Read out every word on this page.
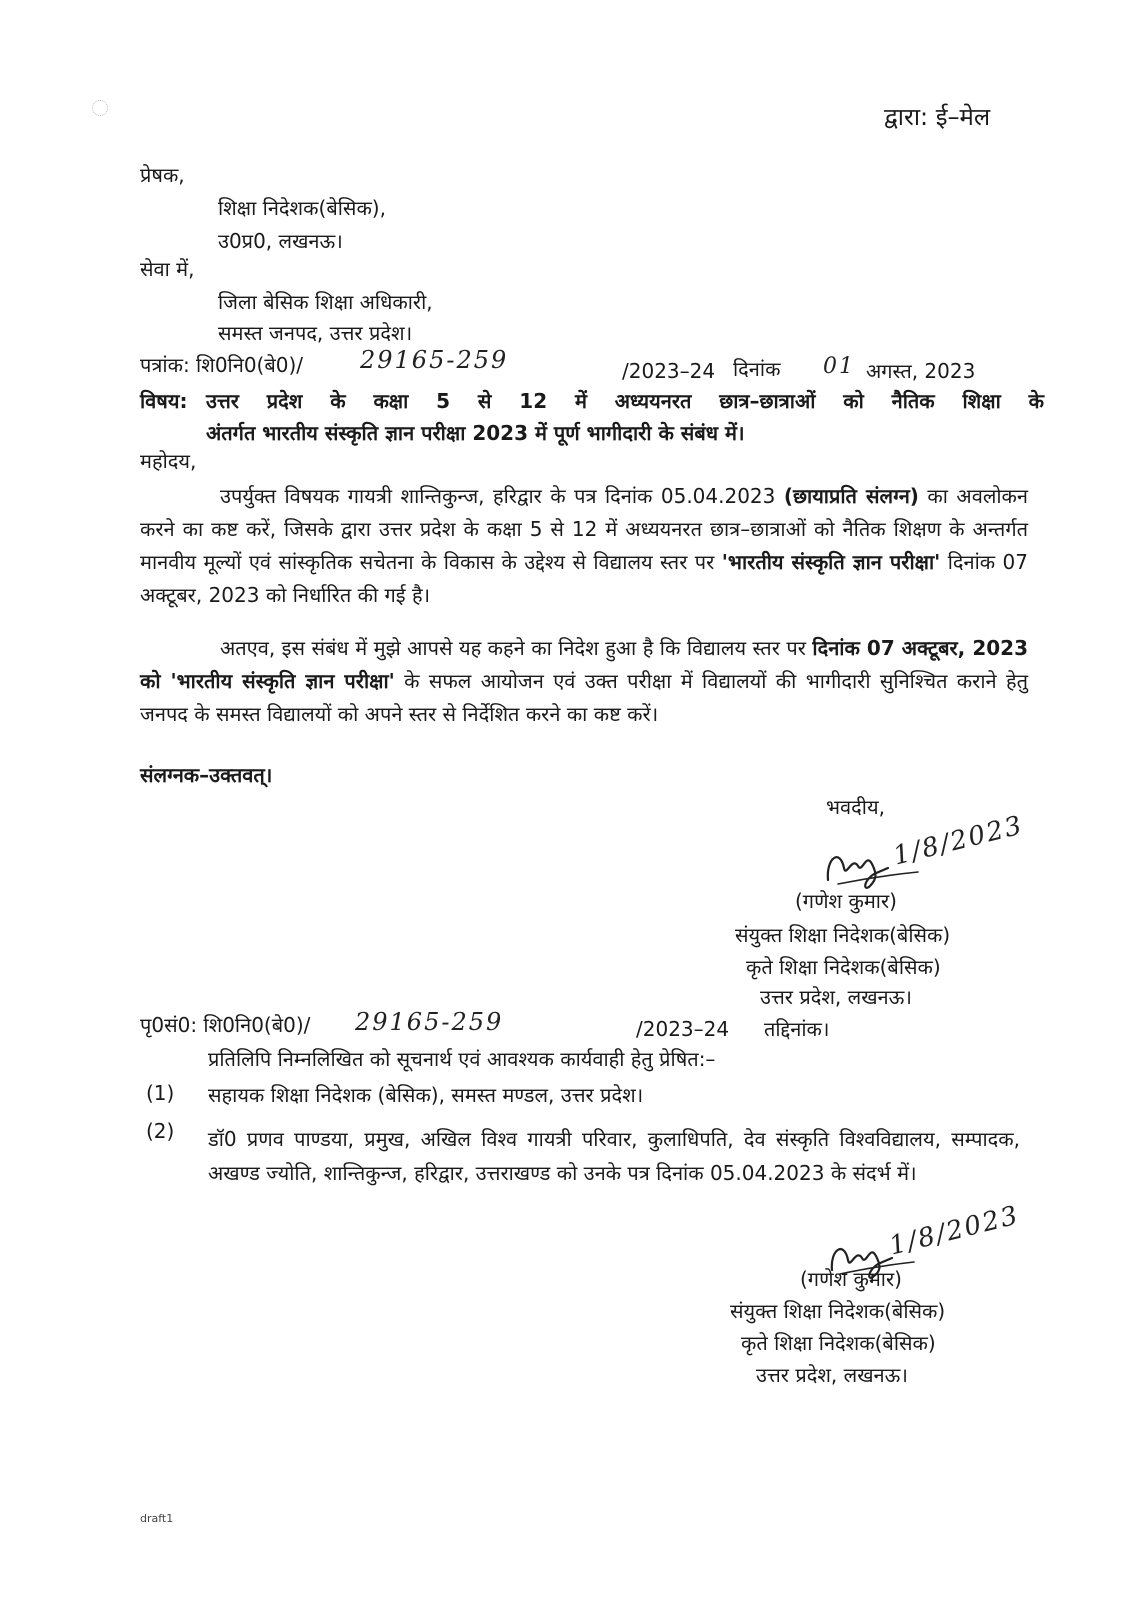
द्वारा: ई–मेल
प्रेषक,
शिक्षा निदेशक(बेसिक),
उ0प्र0, लखनऊ।
सेवा में,
जिला बेसिक शिक्षा अधिकारी,
समस्त जनपद, उत्तर प्रदेश।
पत्रांक: शि0नि0(बे0)/ 29165-259	/2023–24 दिनांक 01 अगस्त, 2023
विषय: उत्तर प्रदेश के कक्षा 5 से 12 में अध्ययनरत छात्र–छात्राओं को नैतिक शिक्षा के
अंतर्गत भारतीय संस्कृति ज्ञान परीक्षा 2023 में पूर्ण भागीदारी के संबंध में।
महोदय,
उपर्युक्त विषयक गायत्री शान्तिकुन्ज, हरिद्वार के पत्र दिनांक 05.04.2023 (छायाप्रति संलग्न) का अवलोकन करने का कष्ट करें, जिसके द्वारा उत्तर प्रदेश के कक्षा 5 से 12 में अध्ययनरत छात्र–छात्राओं को नैतिक शिक्षण के अन्तर्गत मानवीय मूल्यों एवं सांस्कृतिक सचेतना के विकास के उद्देश्य से विद्यालय स्तर पर 'भारतीय संस्कृति ज्ञान परीक्षा' दिनांक 07 अक्टूबर, 2023 को निर्धारित की गई है।
अतएव, इस संबंध में मुझे आपसे यह कहने का निदेश हुआ है कि विद्यालय स्तर पर दिनांक 07 अक्टूबर, 2023 को 'भारतीय संस्कृति ज्ञान परीक्षा' के सफल आयोजन एवं उक्त परीक्षा में विद्यालयों की भागीदारी सुनिश्चित कराने हेतु जनपद के समस्त विद्यालयों को अपने स्तर से निर्देशित करने का कष्ट करें।
संलग्नक–उक्तवत्।
भवदीय,
1/8/2023
(गणेश कुमार)
संयुक्त शिक्षा निदेशक(बेसिक)
कृते शिक्षा निदेशक(बेसिक)
उत्तर प्रदेश, लखनऊ।
पृ0सं0: शि0नि0(बे0)/ 29165-259	/2023–24 तद्दिनांक।
प्रतिलिपि निम्नलिखित को सूचनार्थ एवं आवश्यक कार्यवाही हेतु प्रेषित:–
(1) सहायक शिक्षा निदेशक (बेसिक), समस्त मण्डल, उत्तर प्रदेश।
(2) डॉ0 प्रणव पाण्डया, प्रमुख, अखिल विश्व गायत्री परिवार, कुलाधिपति, देव संस्कृति विश्वविद्यालय, सम्पादक, अखण्ड ज्योति, शान्तिकुन्ज, हरिद्वार, उत्तराखण्ड को उनके पत्र दिनांक 05.04.2023 के संदर्भ में।
1/8/2023
(गणेश कुमार)
संयुक्त शिक्षा निदेशक(बेसिक)
कृते शिक्षा निदेशक(बेसिक)
उत्तर प्रदेश, लखनऊ।
draft1
